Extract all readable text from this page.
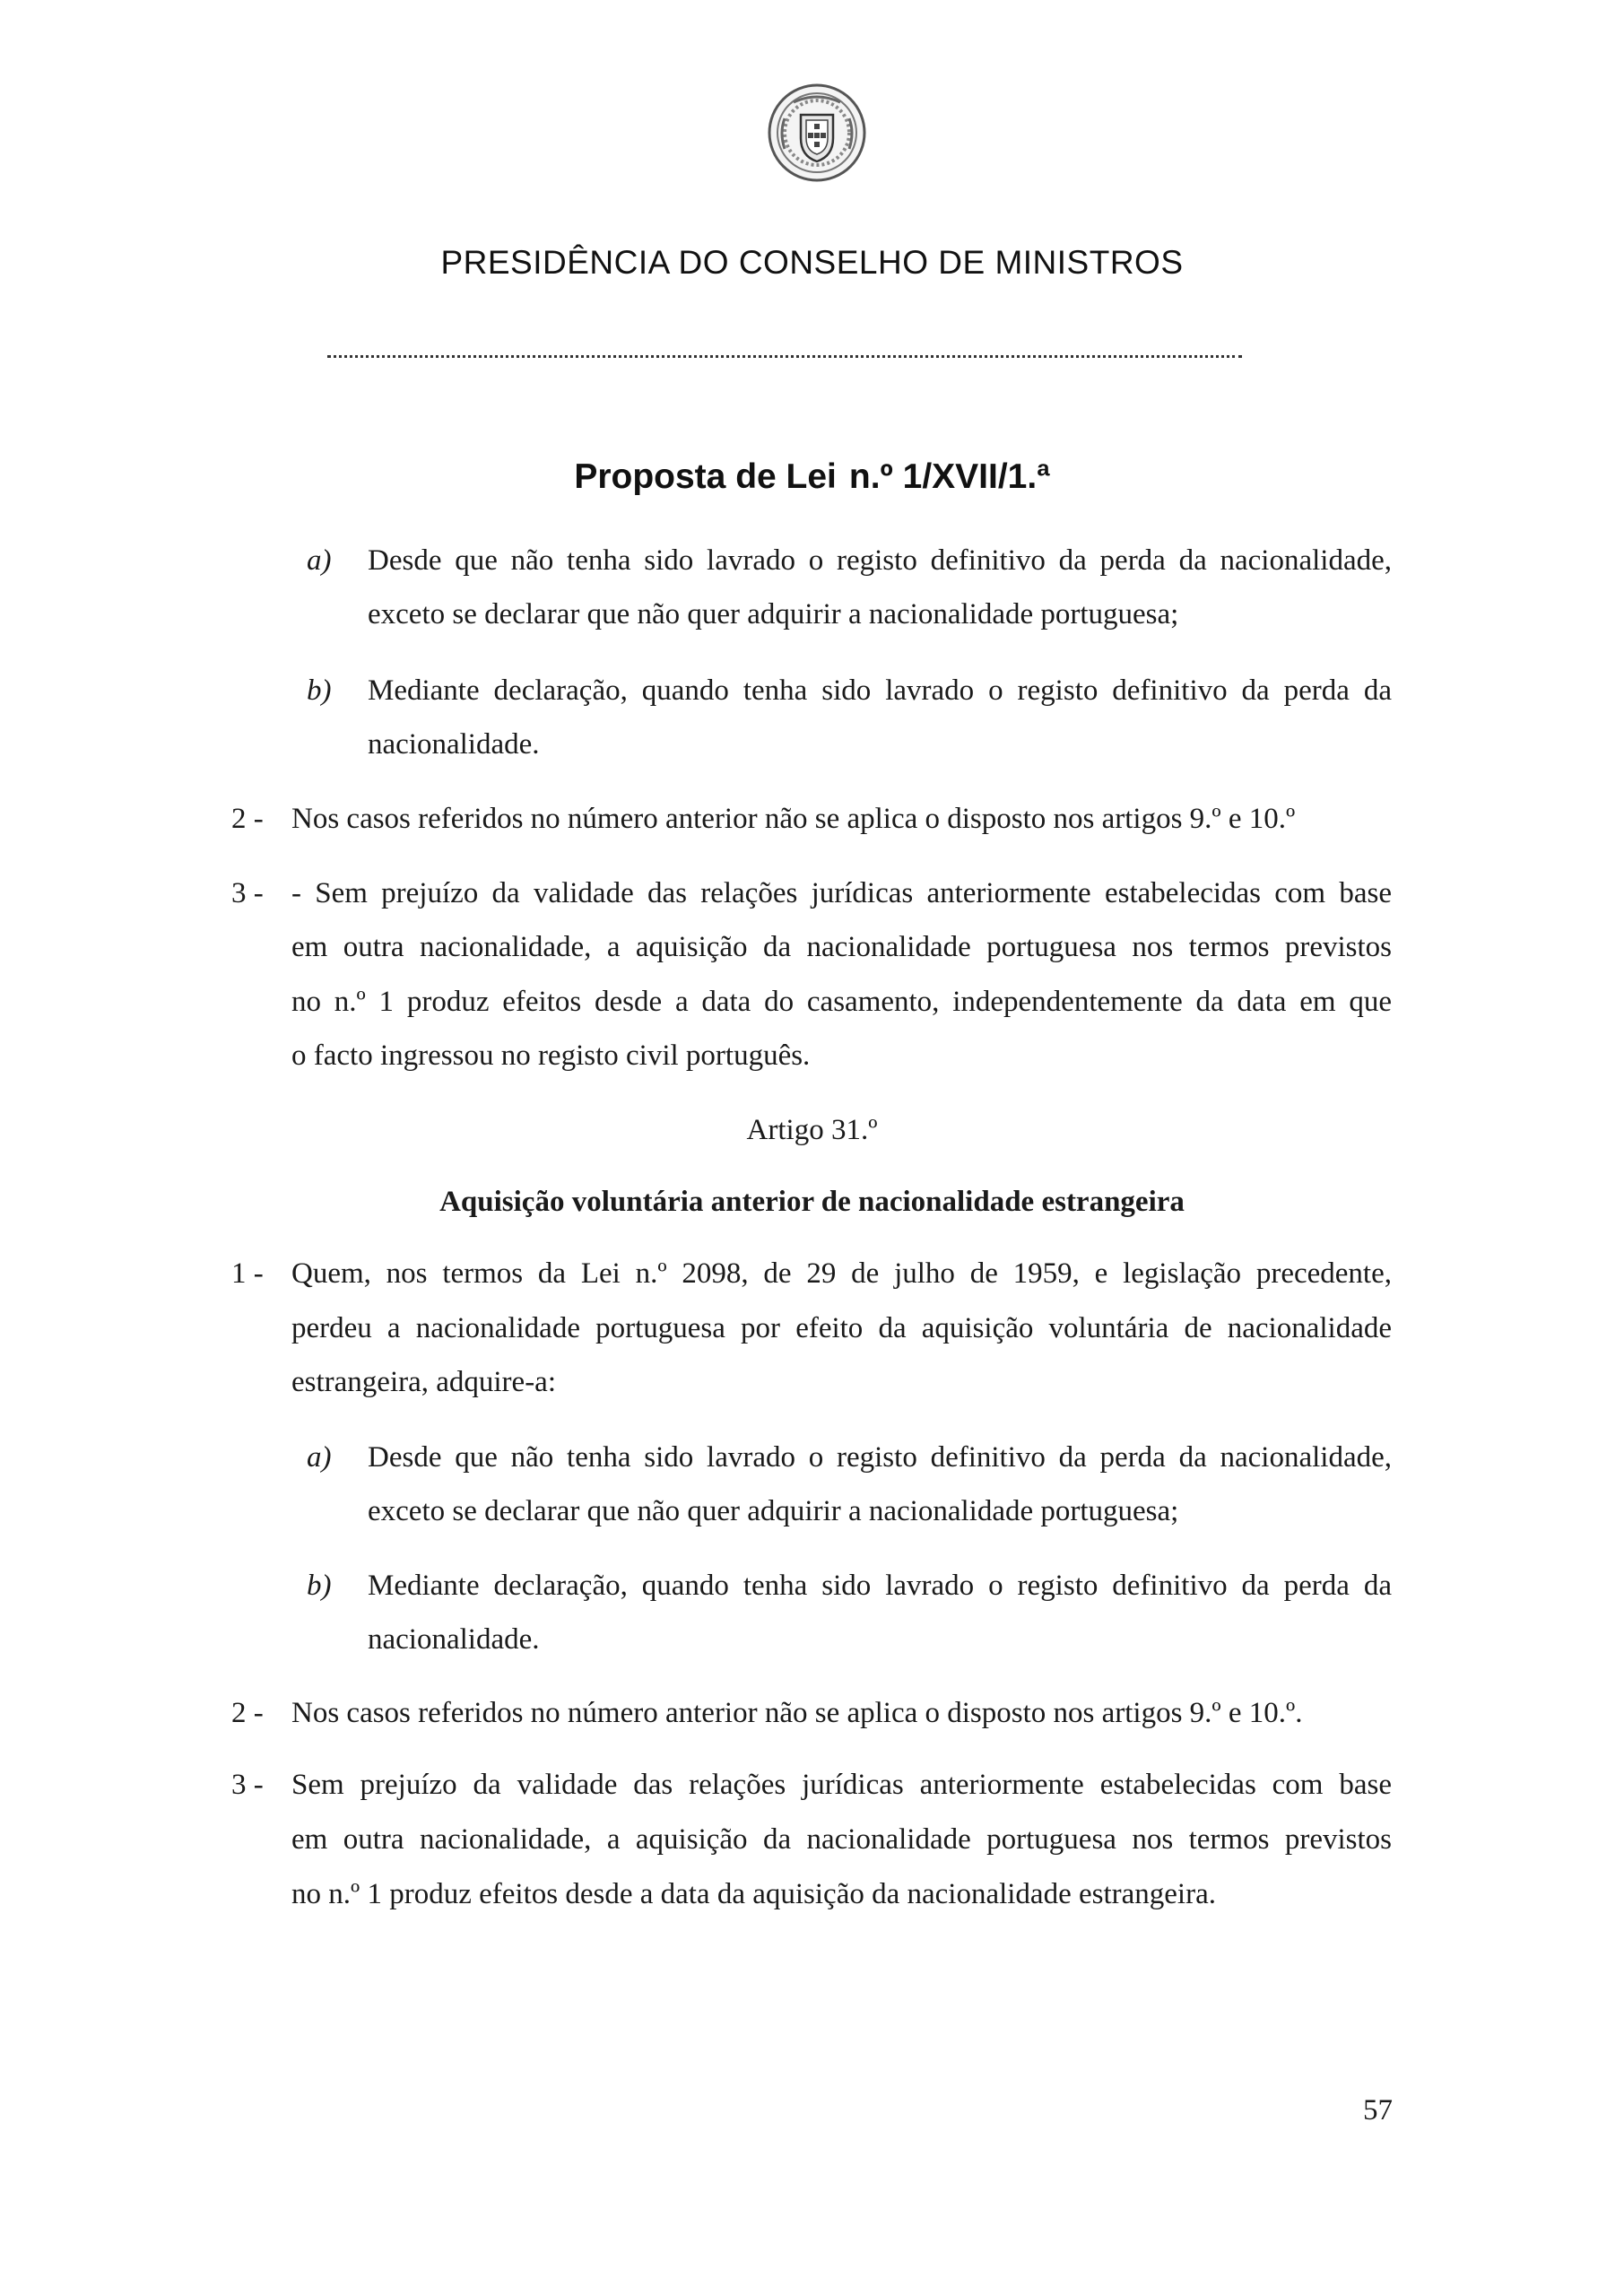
PRESIDÊNCIA DO CONSELHO DE MINISTROS
Proposta de Lei n.º 1/XVII/1.ª
a) Desde que não tenha sido lavrado o registo definitivo da perda da nacionalidade,
exceto se declarar que não quer adquirir a nacionalidade portuguesa;
b) Mediante declaração, quando tenha sido lavrado o registo definitivo da perda da
nacionalidade.
2 - Nos casos referidos no número anterior não se aplica o disposto nos artigos 9.º e 10.º
3 - - Sem prejuízo da validade das relações jurídicas anteriormente estabelecidas com base
em outra nacionalidade, a aquisição da nacionalidade portuguesa nos termos previstos
no n.º 1 produz efeitos desde a data do casamento, independentemente da data em que
o facto ingressou no registo civil português.
Artigo 31.º
Aquisição voluntária anterior de nacionalidade estrangeira
1 - Quem, nos termos da Lei n.º 2098, de 29 de julho de 1959, e legislação precedente,
perdeu a nacionalidade portuguesa por efeito da aquisição voluntária de nacionalidade
estrangeira, adquire-a:
a) Desde que não tenha sido lavrado o registo definitivo da perda da nacionalidade,
exceto se declarar que não quer adquirir a nacionalidade portuguesa;
b) Mediante declaração, quando tenha sido lavrado o registo definitivo da perda da
nacionalidade.
2 - Nos casos referidos no número anterior não se aplica o disposto nos artigos 9.º e 10.º.
3 - Sem prejuízo da validade das relações jurídicas anteriormente estabelecidas com base
em outra nacionalidade, a aquisição da nacionalidade portuguesa nos termos previstos
no n.º 1 produz efeitos desde a data da aquisição da nacionalidade estrangeira.
57
